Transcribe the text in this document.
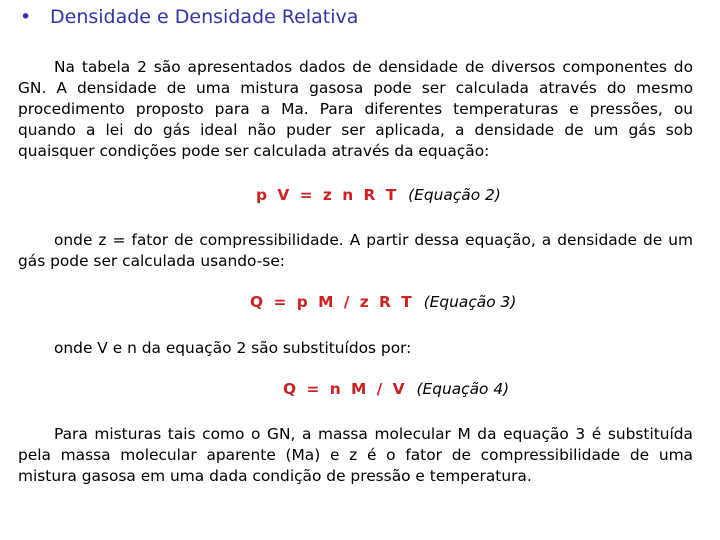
• Densidade e Densidade Relativa

Na tabela 2 são apresentados dados de densidade de diversos componentes do GN. A densidade de uma mistura gasosa pode ser calculada através do mesmo procedimento proposto para a Ma. Para diferentes temperaturas e pressões, ou quando a lei do gás ideal não puder ser aplicada, a densidade de um gás sob quaisquer condições pode ser calculada através da equação:

p V = z n R T (Equação 2)

onde z = fator de compressibilidade. A partir dessa equação, a densidade de um gás pode ser calculada usando-se:

Q = p M / z R T (Equação 3)

onde V e n da equação 2 são substituídos por:

Q = n M / V (Equação 4)

Para misturas tais como o GN, a massa molecular M da equação 3 é substituída pela massa molecular aparente (Ma) e z é o fator de compressibilidade de uma mistura gasosa em uma dada condição de pressão e temperatura.
